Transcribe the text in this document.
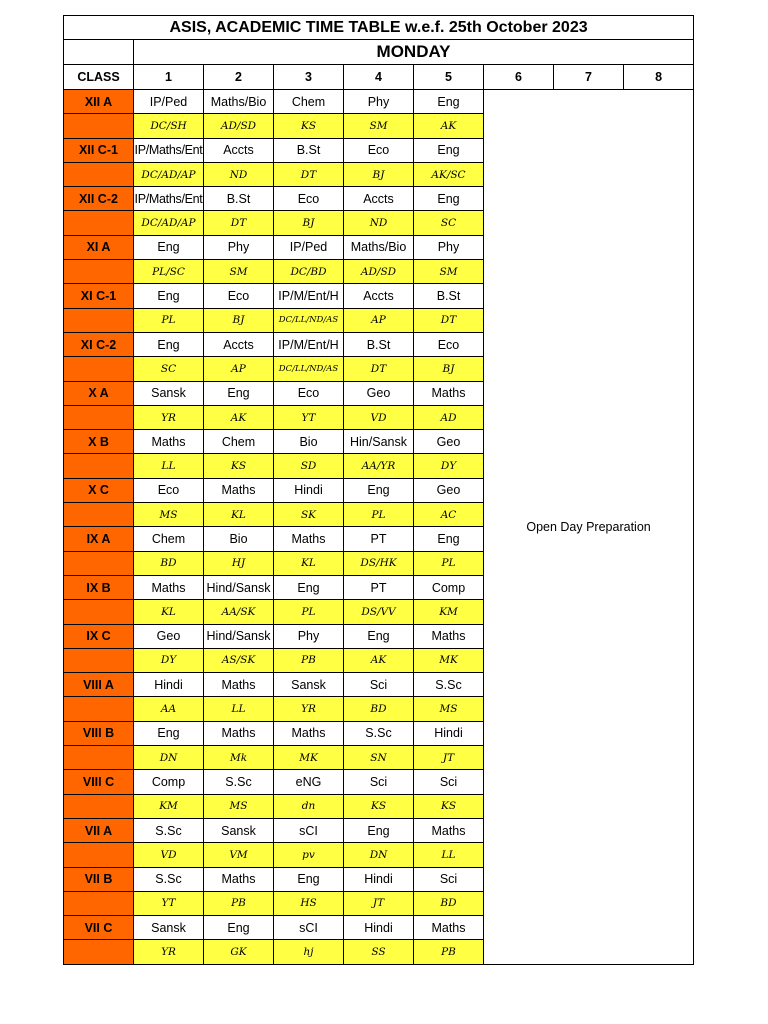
ASIS, ACADEMIC TIME TABLE w.e.f. 25th October 2023								
	MONDAY							
CLASS	1	2	3	4	5	6	7	8
XII A	IP/Ped	Maths/Bio	Chem	Phy	Eng	Open Day Preparation		
	DC/SH	AD/SD	KS	SM	AK			
XII C-1	IP/Maths/Ent	Accts	B.St	Eco	Eng			
	DC/AD/AP	ND	DT	BJ	AK/SC			
XII C-2	IP/Maths/Ent	B.St	Eco	Accts	Eng			
	DC/AD/AP	DT	BJ	ND	SC			
XI A	Eng	Phy	IP/Ped	Maths/Bio	Phy			
	PL/SC	SM	DC/BD	AD/SD	SM			
XI C-1	Eng	Eco	IP/M/Ent/H	Accts	B.St			
	PL	BJ	DC/LL/ND/AS	AP	DT			
XI C-2	Eng	Accts	IP/M/Ent/H	B.St	Eco			
	SC	AP	DC/LL/ND/AS	DT	BJ			
X A	Sansk	Eng	Eco	Geo	Maths			
	YR	AK	YT	VD	AD			
X B	Maths	Chem	Bio	Hin/Sansk	Geo			
	LL	KS	SD	AA/YR	DY			
X C	Eco	Maths	Hindi	Eng	Geo			
	MS	KL	SK	PL	AC			
IX A	Chem	Bio	Maths	PT	Eng			
	BD	HJ	KL	DS/HK	PL			
IX B	Maths	Hind/Sansk	Eng	PT	Comp			
	KL	AA/SK	PL	DS/VV	KM			
IX C	Geo	Hind/Sansk	Phy	Eng	Maths			
	DY	AS/SK	PB	AK	MK			
VIII A	Hindi	Maths	Sansk	Sci	S.Sc			
	AA	LL	YR	BD	MS			
VIII B	Eng	Maths	Maths	S.Sc	Hindi			
	DN	Mk	MK	SN	JT			
VIII C	Comp	S.Sc	eNG	Sci	Sci			
	KM	MS	dn	KS	KS			
VII A	S.Sc	Sansk	sCI	Eng	Maths			
	VD	VM	pv	DN	LL			
VII B	S.Sc	Maths	Eng	Hindi	Sci			
	YT	PB	HS	JT	BD			
VII C	Sansk	Eng	sCI	Hindi	Maths			
	YR	GK	hj	SS	PB			
